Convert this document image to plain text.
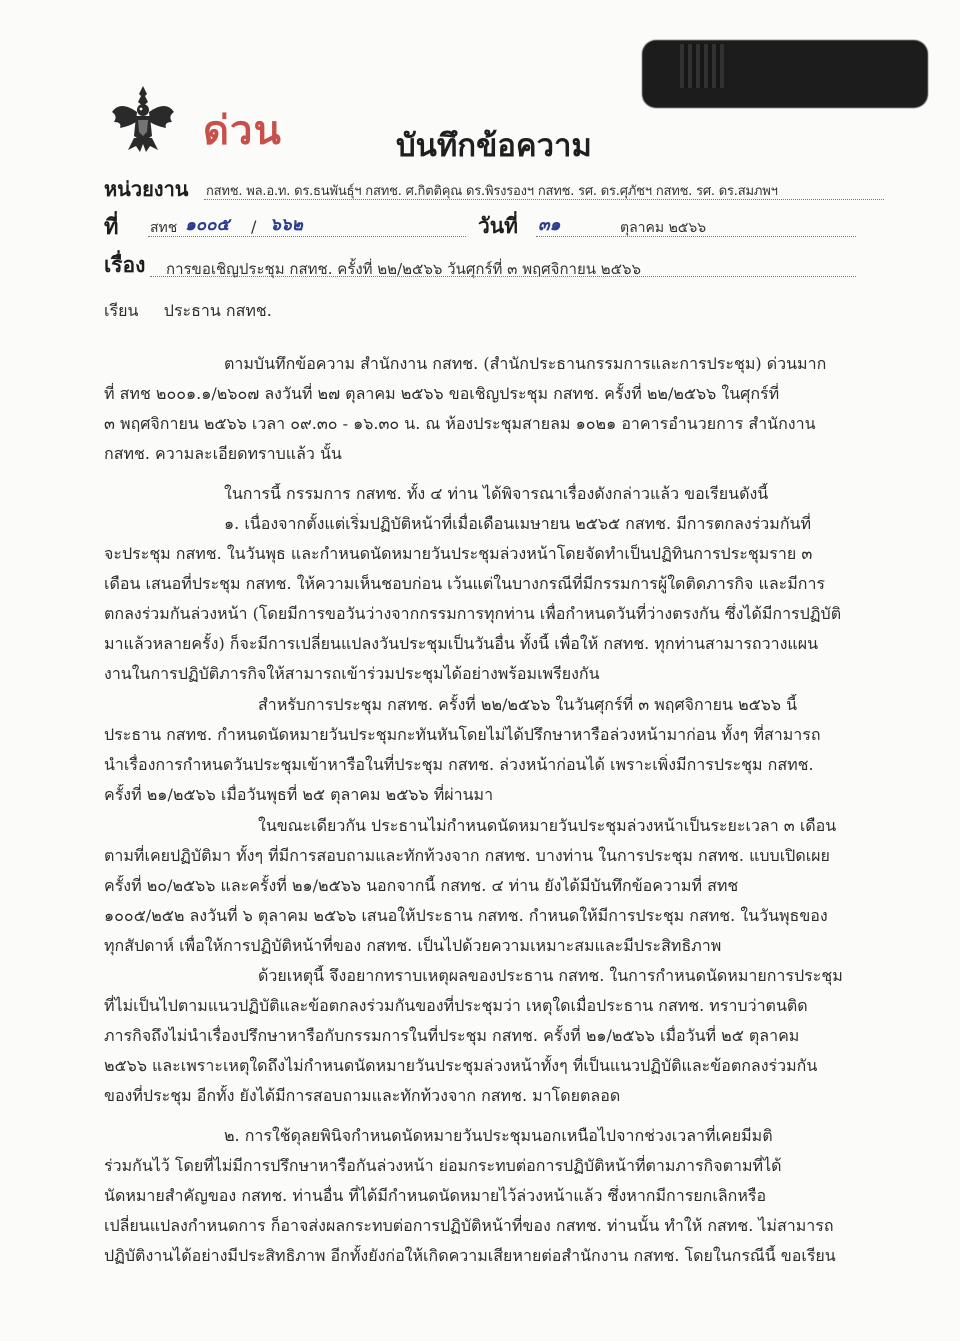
ด่วน	บันทึกข้อความ
หน่วยงาน กสทช. พล.อ.ท. ดร.ธนพันธุ์ฯ กสทช. ศ.กิตติคุณ ดร.พิรงรองฯ กสทช. รศ. ดร.ศุภัชฯ กสทช. รศ. ดร.สมภพฯ
ที่ สทช ๑๐๐๕ / ๖๖๒	วันที่ ๓๑	ตุลาคม ๒๕๖๖
เรื่อง การขอเชิญประชุม กสทช. ครั้งที่ ๒๒/๒๕๖๖ วันศุกร์ที่ ๓ พฤศจิกายน ๒๕๖๖
เรียน     ประธาน กสทช.
ตามบันทึกข้อความ สำนักงาน กสทช. (สำนักประธานกรรมการและการประชุม) ด่วนมาก
ที่ สทช ๒๐๐๑.๑/๒๖๐๗ ลงวันที่ ๒๗ ตุลาคม ๒๕๖๖ ขอเชิญประชุม กสทช. ครั้งที่ ๒๒/๒๕๖๖ ในศุกร์ที่
๓ พฤศจิกายน ๒๕๖๖ เวลา ๐๙.๓๐ - ๑๖.๓๐ น. ณ ห้องประชุมสายลม ๑๐๒๑ อาคารอำนวยการ สำนักงาน
กสทช. ความละเอียดทราบแล้ว นั้น
ในการนี้ กรรมการ กสทช. ทั้ง ๔ ท่าน ได้พิจารณาเรื่องดังกล่าวแล้ว ขอเรียนดังนี้
๑. เนื่องจากตั้งแต่เริ่มปฏิบัติหน้าที่เมื่อเดือนเมษายน ๒๕๖๕ กสทช. มีการตกลงร่วมกันที่
จะประชุม กสทช. ในวันพุธ และกำหนดนัดหมายวันประชุมล่วงหน้าโดยจัดทำเป็นปฏิทินการประชุมราย ๓
เดือน เสนอที่ประชุม กสทช. ให้ความเห็นชอบก่อน เว้นแต่ในบางกรณีที่มีกรรมการผู้ใดติดภารกิจ และมีการ
ตกลงร่วมกันล่วงหน้า (โดยมีการขอวันว่างจากกรรมการทุกท่าน เพื่อกำหนดวันที่ว่างตรงกัน ซึ่งได้มีการปฏิบัติ
มาแล้วหลายครั้ง) ก็จะมีการเปลี่ยนแปลงวันประชุมเป็นวันอื่น ทั้งนี้ เพื่อให้ กสทช. ทุกท่านสามารถวางแผน
งานในการปฏิบัติภารกิจให้สามารถเข้าร่วมประชุมได้อย่างพร้อมเพรียงกัน
สำหรับการประชุม กสทช. ครั้งที่ ๒๒/๒๕๖๖ ในวันศุกร์ที่ ๓ พฤศจิกายน ๒๕๖๖ นี้
ประธาน กสทช. กำหนดนัดหมายวันประชุมกะทันหันโดยไม่ได้ปรึกษาหารือล่วงหน้ามาก่อน ทั้งๆ ที่สามารถ
นำเรื่องการกำหนดวันประชุมเข้าหารือในที่ประชุม กสทช. ล่วงหน้าก่อนได้ เพราะเพิ่งมีการประชุม กสทช.
ครั้งที่ ๒๑/๒๕๖๖ เมื่อวันพุธที่ ๒๕ ตุลาคม ๒๕๖๖ ที่ผ่านมา
ในขณะเดียวกัน ประธานไม่กำหนดนัดหมายวันประชุมล่วงหน้าเป็นระยะเวลา ๓ เดือน
ตามที่เคยปฏิบัติมา ทั้งๆ ที่มีการสอบถามและทักท้วงจาก กสทช. บางท่าน ในการประชุม กสทช. แบบเปิดเผย
ครั้งที่ ๒๐/๒๕๖๖ และครั้งที่ ๒๑/๒๕๖๖ นอกจากนี้ กสทช. ๔ ท่าน ยังได้มีบันทึกข้อความที่ สทช
๑๐๐๕/๒๕๒ ลงวันที่ ๖ ตุลาคม ๒๕๖๖ เสนอให้ประธาน กสทช. กำหนดให้มีการประชุม กสทช. ในวันพุธของ
ทุกสัปดาห์ เพื่อให้การปฏิบัติหน้าที่ของ กสทช. เป็นไปด้วยความเหมาะสมและมีประสิทธิภาพ
ด้วยเหตุนี้ จึงอยากทราบเหตุผลของประธาน กสทช. ในการกำหนดนัดหมายการประชุม
ที่ไม่เป็นไปตามแนวปฏิบัติและข้อตกลงร่วมกันของที่ประชุมว่า เหตุใดเมื่อประธาน กสทช. ทราบว่าตนติด
ภารกิจถึงไม่นำเรื่องปรึกษาหารือกับกรรมการในที่ประชุม กสทช. ครั้งที่ ๒๑/๒๕๖๖ เมื่อวันที่ ๒๕ ตุลาคม
๒๕๖๖ และเพราะเหตุใดถึงไม่กำหนดนัดหมายวันประชุมล่วงหน้าทั้งๆ ที่เป็นแนวปฏิบัติและข้อตกลงร่วมกัน
ของที่ประชุม อีกทั้ง ยังได้มีการสอบถามและทักท้วงจาก กสทช. มาโดยตลอด
๒. การใช้ดุลยพินิจกำหนดนัดหมายวันประชุมนอกเหนือไปจากช่วงเวลาที่เคยมีมติ
ร่วมกันไว้ โดยที่ไม่มีการปรึกษาหารือกันล่วงหน้า ย่อมกระทบต่อการปฏิบัติหน้าที่ตามภารกิจตามที่ได้
นัดหมายสำคัญของ กสทช. ท่านอื่น ที่ได้มีกำหนดนัดหมายไว้ล่วงหน้าแล้ว ซึ่งหากมีการยกเลิกหรือ
เปลี่ยนแปลงกำหนดการ ก็อาจส่งผลกระทบต่อการปฏิบัติหน้าที่ของ กสทช. ท่านนั้น ทำให้ กสทช. ไม่สามารถ
ปฏิบัติงานได้อย่างมีประสิทธิภาพ อีกทั้งยังก่อให้เกิดความเสียหายต่อสำนักงาน กสทช. โดยในกรณีนี้ ขอเรียน
